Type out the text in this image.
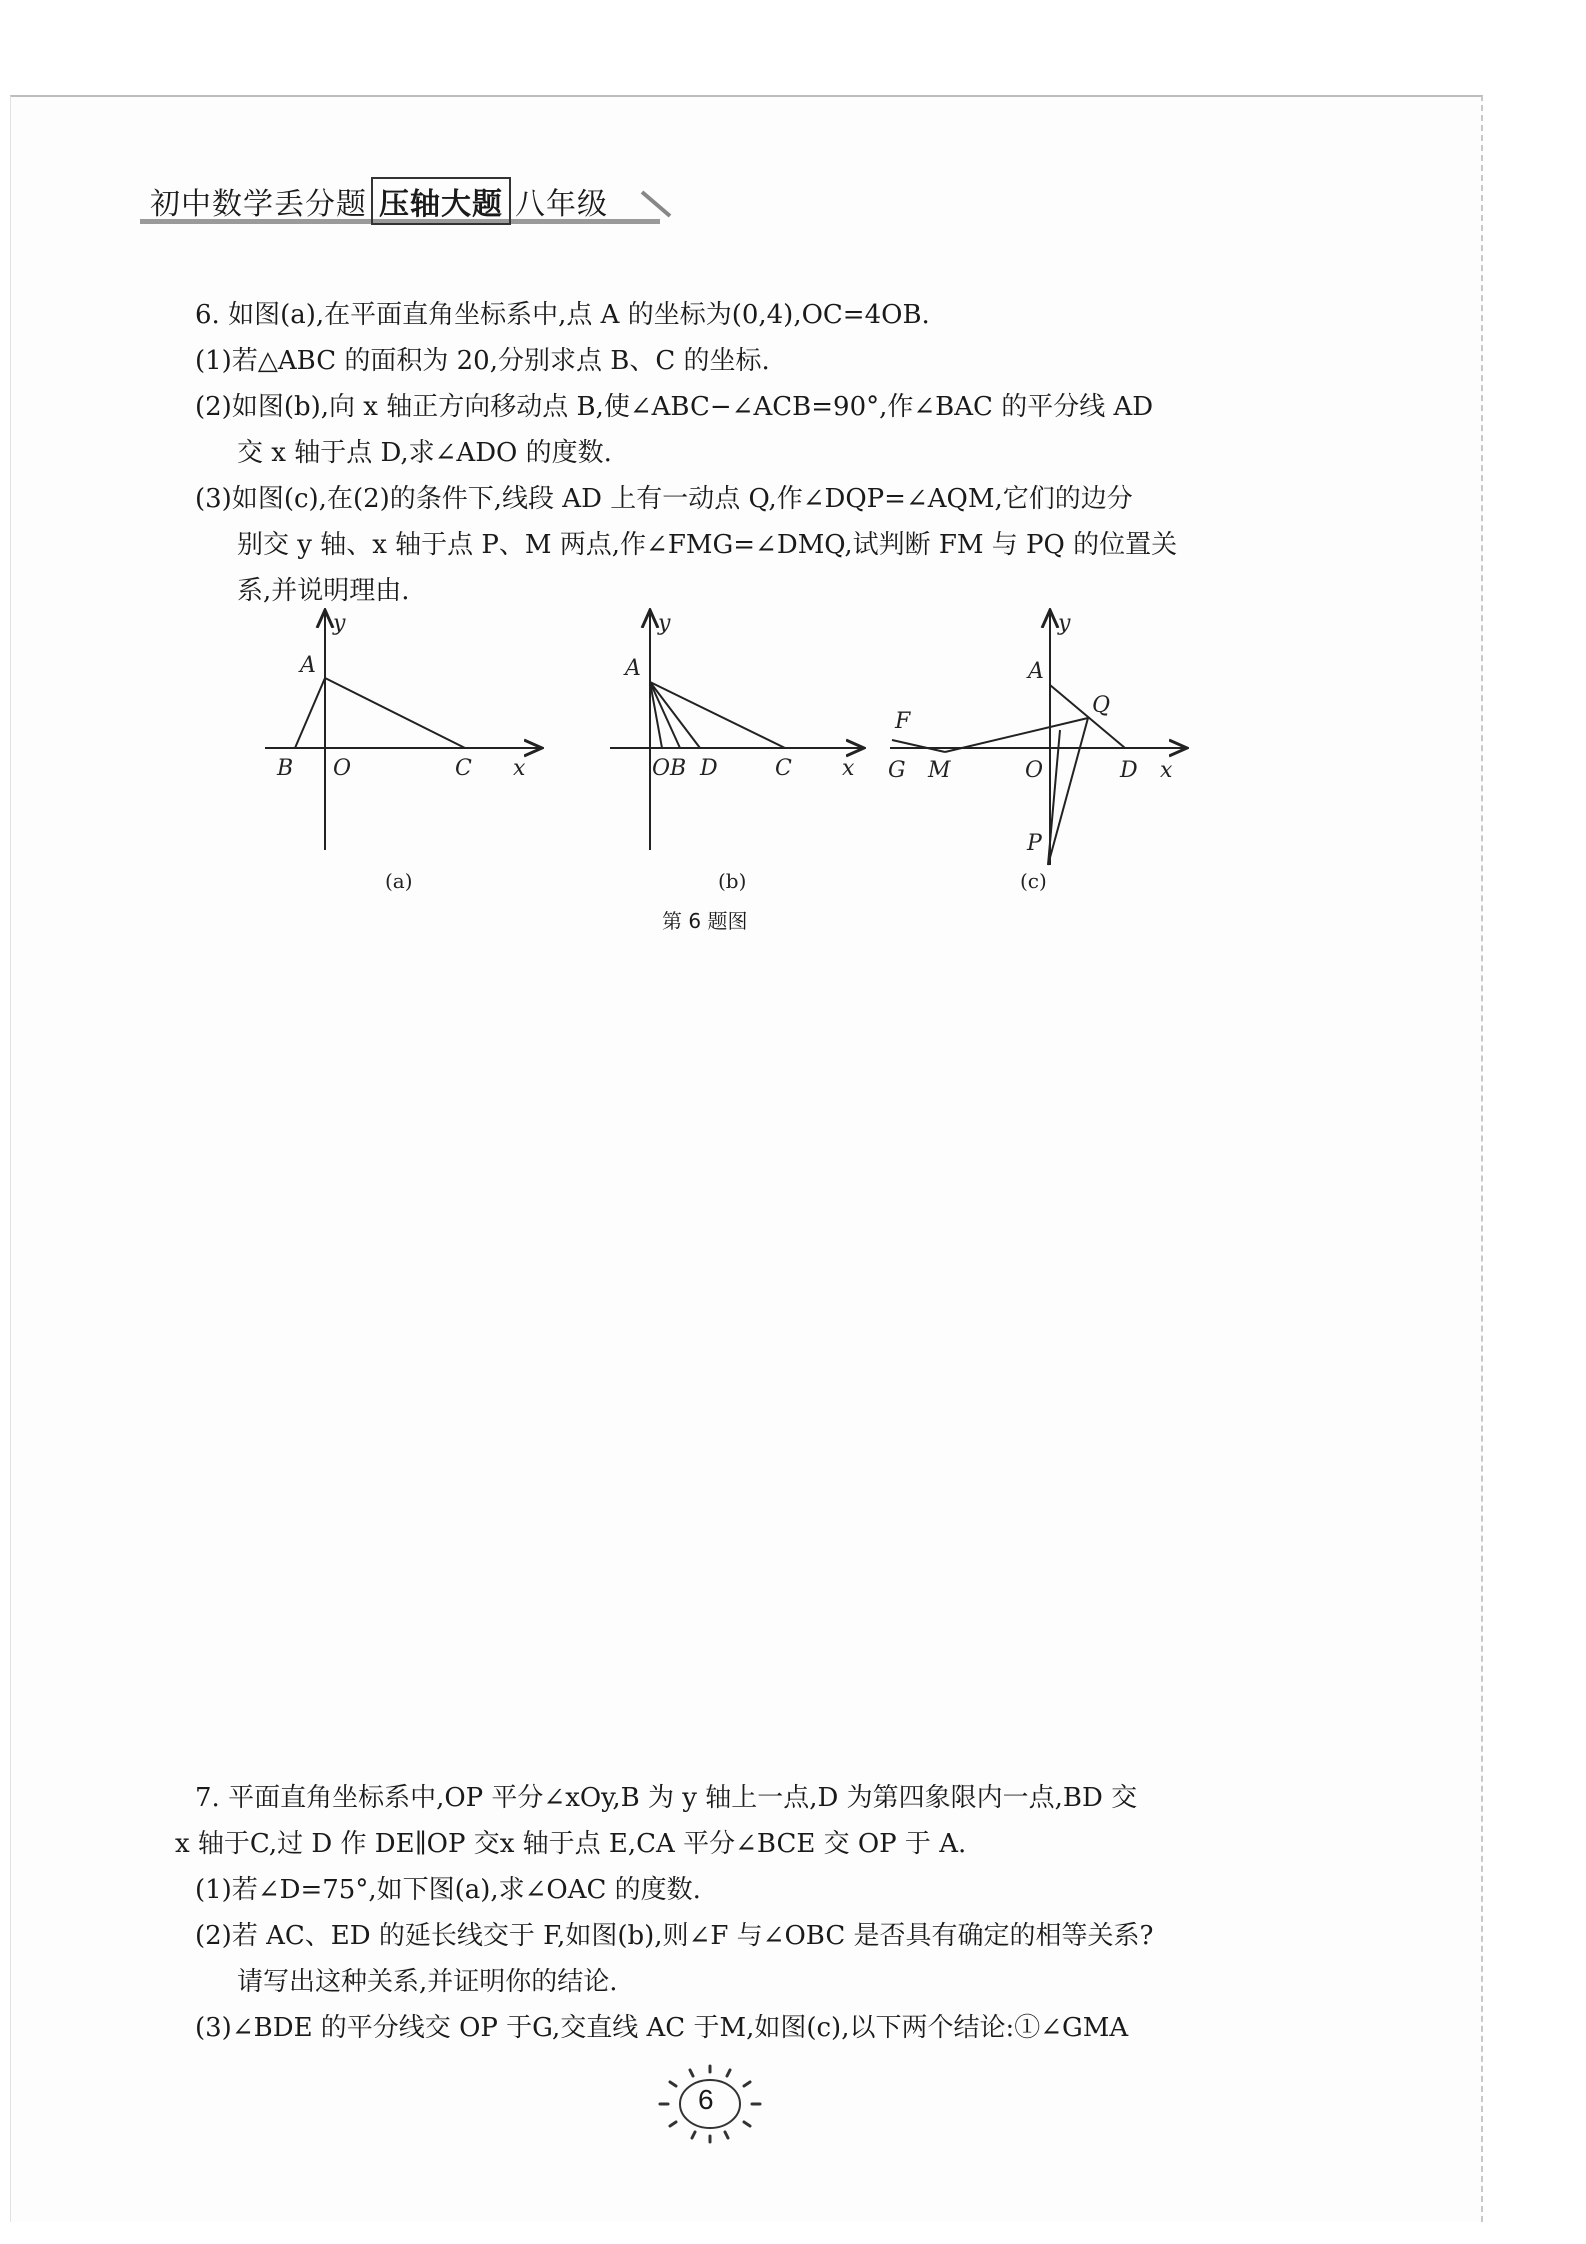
初中数学丢分题 压轴大题 八年级
6. 如图(a),在平面直角坐标系中,点 A 的坐标为(0,4),OC=4OB.
(1)若△ABC 的面积为 20,分别求点 B、C 的坐标.
(2)如图(b),向 x 轴正方向移动点 B,使∠ABC−∠ACB=90°,作∠BAC 的平分线 AD
交 x 轴于点 D,求∠ADO 的度数.
(3)如图(c),在(2)的条件下,线段 AD 上有一动点 Q,作∠DQP=∠AQM,它们的边分
别交 y 轴、x 轴于点 P、M 两点,作∠FMG=∠DMQ,试判断 FM 与 PQ 的位置关
系,并说明理由.
y
A
B O	C x
(a)
y
A
O B D	C x
(b)
y
A
Q
F
G M	O	D x
P
(c)
第 6 题图
7. 平面直角坐标系中,OP 平分∠xOy,B 为 y 轴上一点,D 为第四象限内一点,BD 交
x 轴于C,过 D 作 DE∥OP 交x 轴于点 E,CA 平分∠BCE 交 OP 于 A.
(1)若∠D=75°,如下图(a),求∠OAC 的度数.
(2)若 AC、ED 的延长线交于 F,如图(b),则∠F 与∠OBC 是否具有确定的相等关系?
请写出这种关系,并证明你的结论.
(3)∠BDE 的平分线交 OP 于G,交直线 AC 于M,如图(c),以下两个结论:①∠GMA
6
